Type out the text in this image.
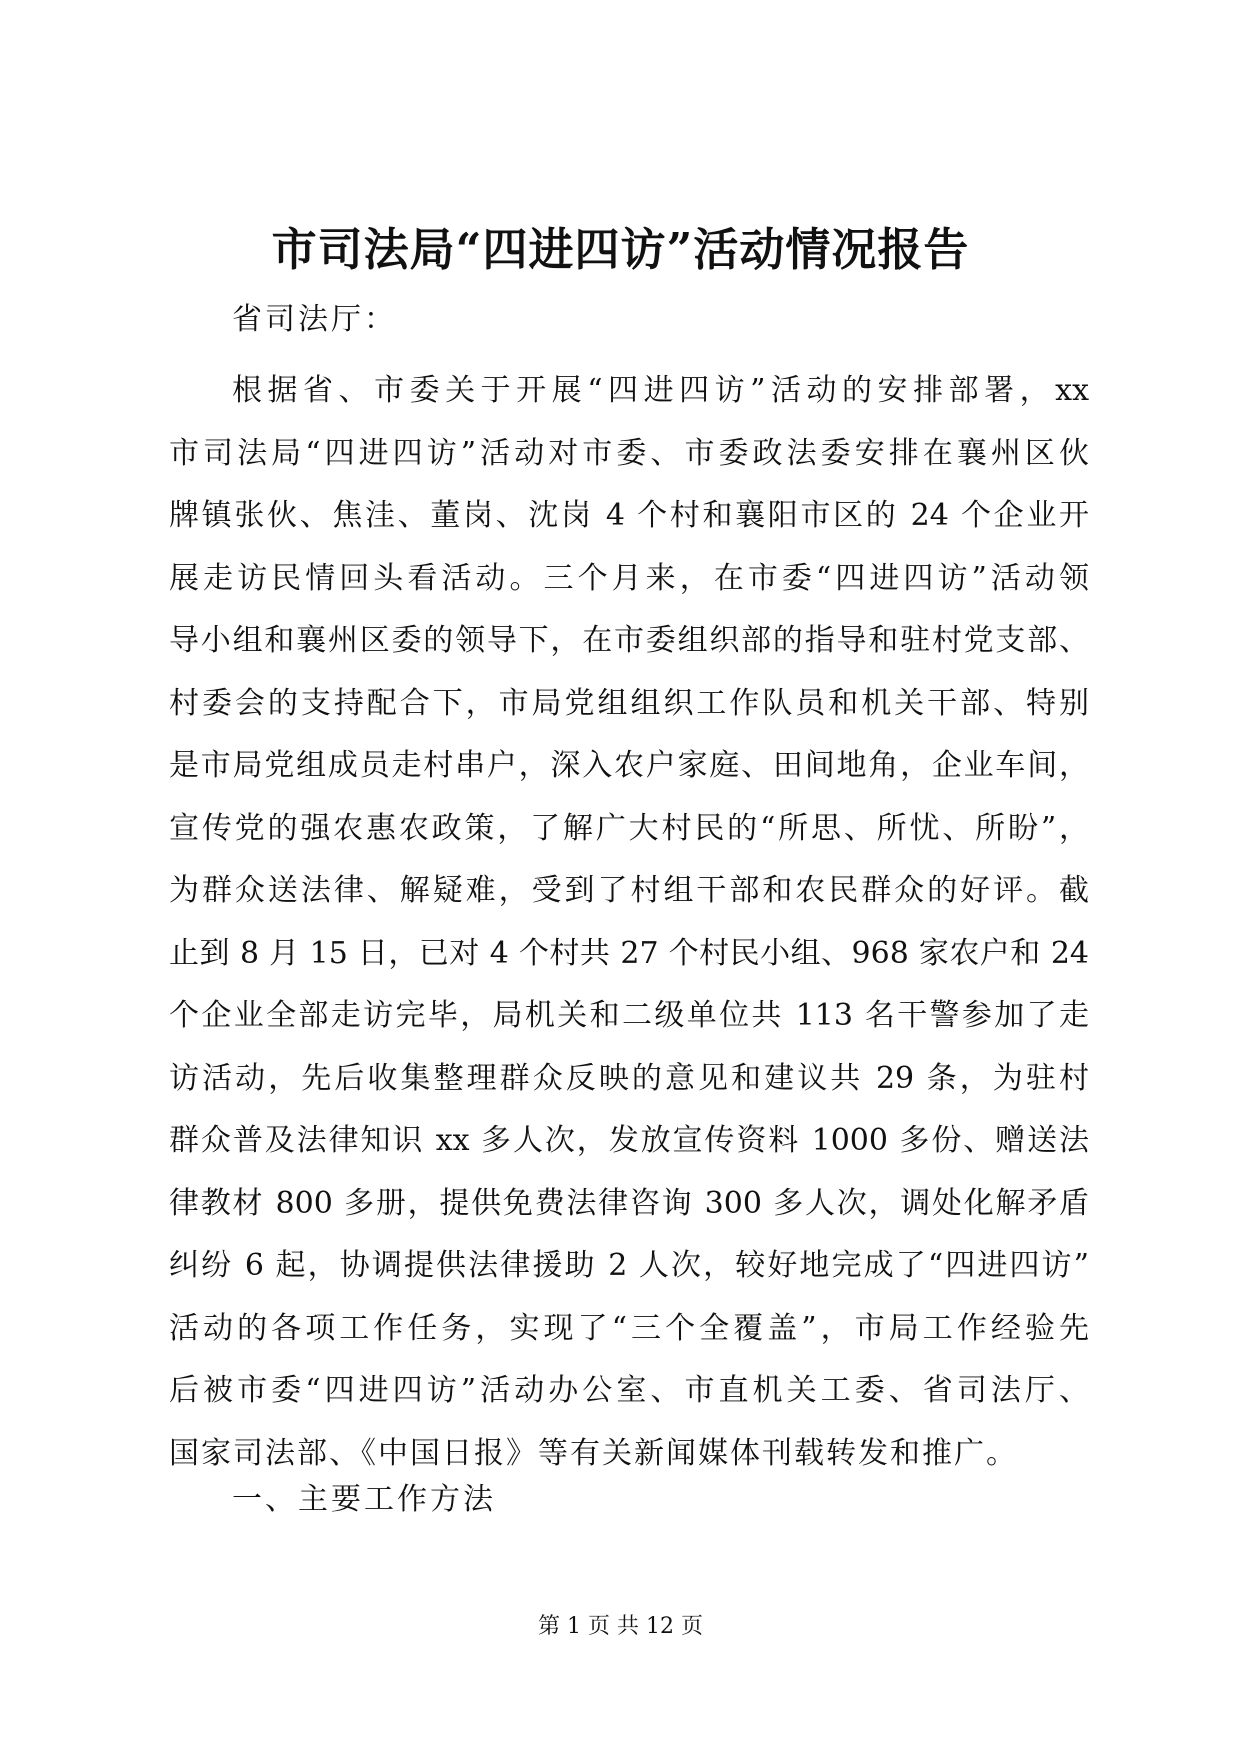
市司法局“四进四访”活动情况报告

省司法厅：

根据省、市委关于开展“四进四访”活动的安排部署，xx
市司法局“四进四访”活动对市委、市委政法委安排在襄州区伙
牌镇张伙、焦洼、董岗、沈岗 4 个村和襄阳市区的 24 个企业开
展走访民情回头看活动。三个月来，在市委“四进四访”活动领
导小组和襄州区委的领导下，在市委组织部的指导和驻村党支部、
村委会的支持配合下，市局党组组织工作队员和机关干部、特别
是市局党组成员走村串户，深入农户家庭、田间地角，企业车间，
宣传党的强农惠农政策，了解广大村民的“所思、所忧、所盼”，
为群众送法律、解疑难，受到了村组干部和农民群众的好评。截
止到 8 月 15 日，已对 4 个村共 27 个村民小组、968 家农户和 24
个企业全部走访完毕，局机关和二级单位共 113 名干警参加了走
访活动，先后收集整理群众反映的意见和建议共 29 条，为驻村
群众普及法律知识 xx 多人次，发放宣传资料 1000 多份、赠送法
律教材 800 多册，提供免费法律咨询 300 多人次，调处化解矛盾
纠纷 6 起，协调提供法律援助 2 人次，较好地完成了“四进四访”
活动的各项工作任务，实现了“三个全覆盖”，市局工作经验先
后被市委“四进四访”活动办公室、市直机关工委、省司法厅、
国家司法部、《中国日报》等有关新闻媒体刊载转发和推广。

一、主要工作方法

第 1 页 共 12 页
